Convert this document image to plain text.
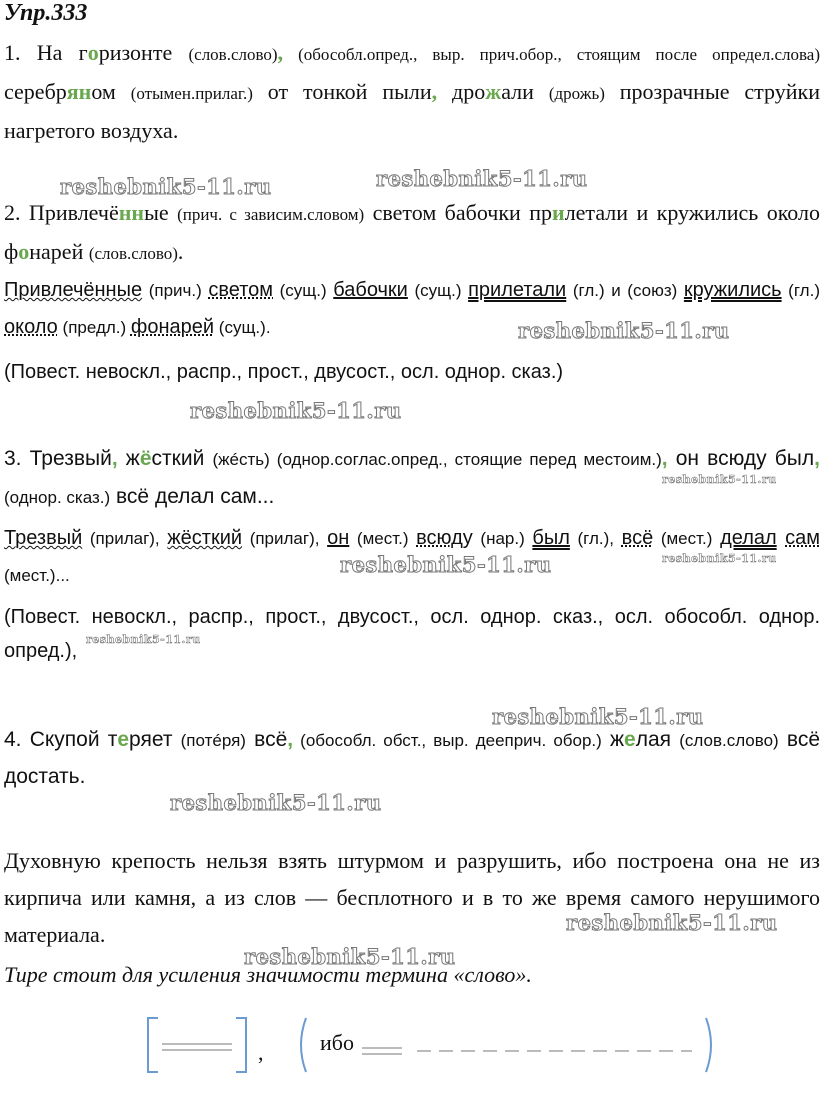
Упр.333
1. На горизонте (слов.слово), (обособл.опред., выр. прич.обор., стоящим после определ.слова) серебряном (отымен.прилаг.) от тонкой пыли, дрожали (дрожь) прозрачные струйки нагретого воздуха.
2. Привлечённые (прич. с зависим.словом) светом бабочки прилетали и кружились около фонарей (слов.слово).
Привлечённые (прич.) светом (сущ.) бабочки (сущ.) прилетали (гл.) и (союз) кружились (гл.) около (предл.) фонарей (сущ.).
(Повест. невоскл., распр., прост., двусост., осл. однор. сказ.)
3. Трезвый, жёсткий (жéсть) (однор.соглас.опред., стоящие перед местоим.), он всюду был, (однор. сказ.) всё делал сам...
Трезвый (прилаг), жёсткий (прилаг), он (мест.) всюду (нар.) был (гл.), всё (мест.) делал сам (мест.)...
(Повест. невоскл., распр., прост., двусост., осл. однор. сказ., осл. обособл. однор. опред.),
4. Скупой теряет (потéря) всё, (обособл. обст., выр. дееприч. обор.) желая (слов.слово) всё достать.
Духовную крепость нельзя взять штурмом и разрушить, ибо построена она не из кирпича или камня, а из слов — бесплотного и в то же время самого нерушимого материала.
Тире стоит для усиления значимости термина «слово».
,	ибо
reshebnik5-11.ru	reshebnik5-11.ru
reshebnik5-11.ru
reshebnik5-11.ru
reshebnik5-11.ru
reshebnik5-11.ru
reshebnik5-11.ru
reshebnik5-11.ru
reshebnik5-11.ru
reshebnik5-11.ru
reshebnik5-11.ru
reshebnik5-11.ru
